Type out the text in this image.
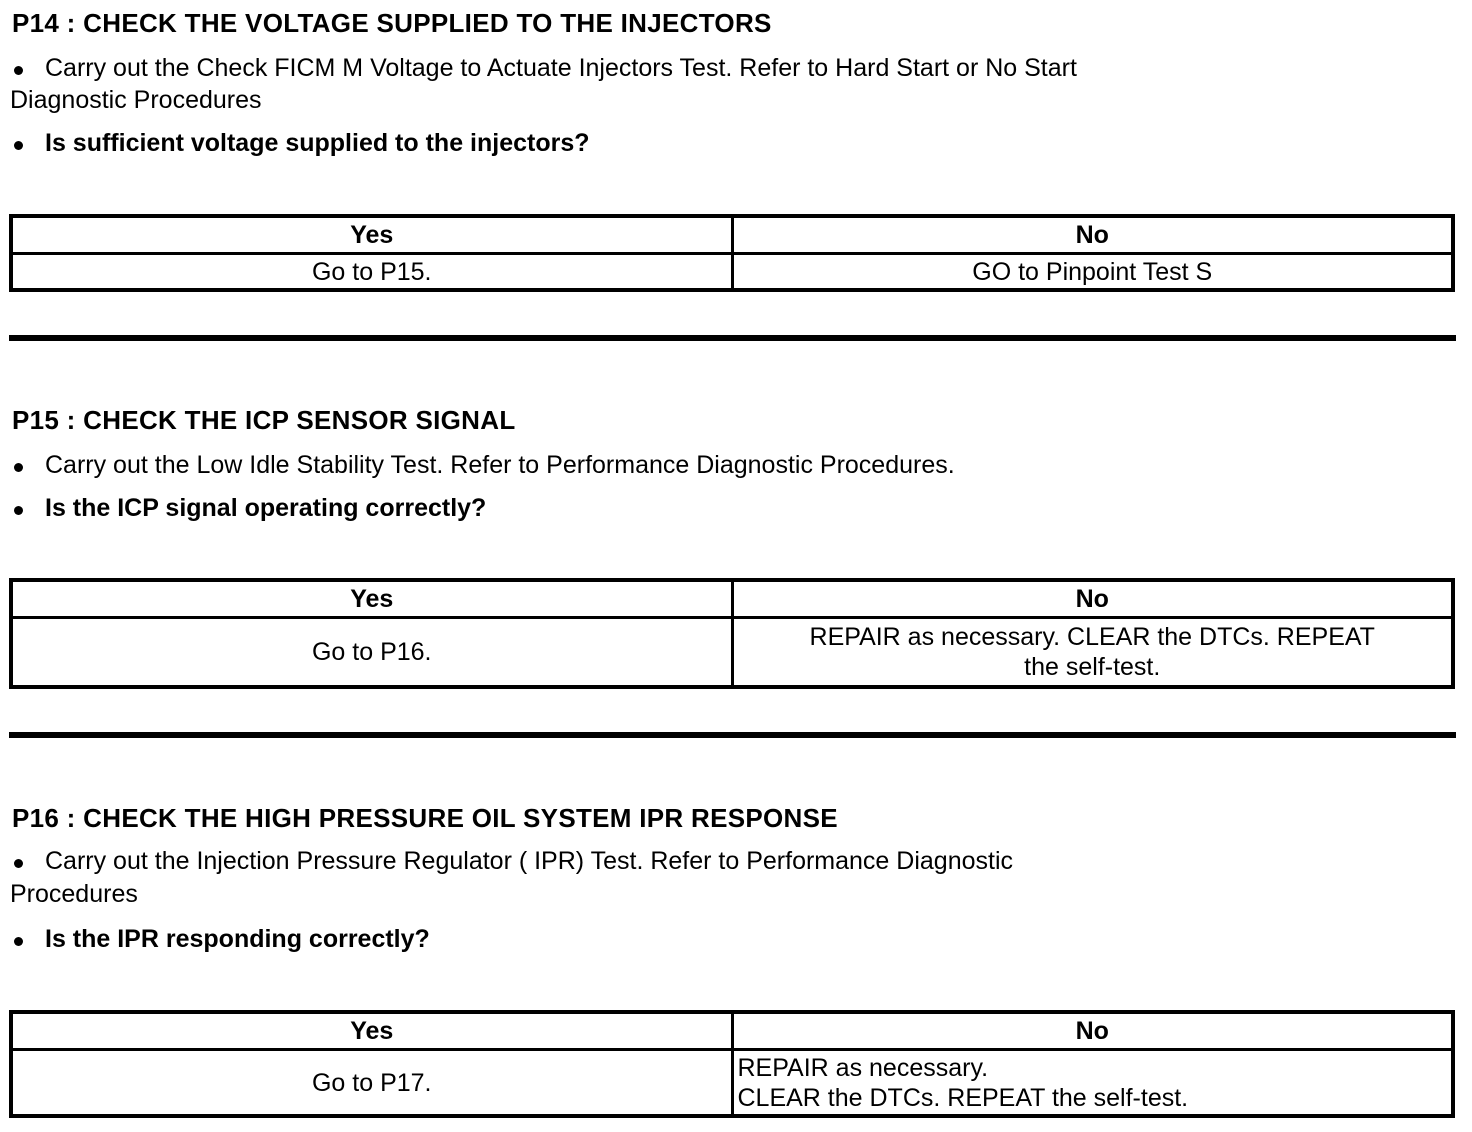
P14 : CHECK THE VOLTAGE SUPPLIED TO THE INJECTORS
Carry out the Check FICM M Voltage to Actuate Injectors Test. Refer to Hard Start or No Start
Diagnostic Procedures
Is sufficient voltage supplied to the injectors?
Yes	No
Go to P15.	GO to Pinpoint Test S
P15 : CHECK THE ICP SENSOR SIGNAL
Carry out the Low Idle Stability Test. Refer to Performance Diagnostic Procedures.
Is the ICP signal operating correctly?
Yes	No
Go to P16.	REPAIR as necessary. CLEAR the DTCs. REPEAT
the self-test.
P16 : CHECK THE HIGH PRESSURE OIL SYSTEM IPR RESPONSE
Carry out the Injection Pressure Regulator ( IPR) Test. Refer to Performance Diagnostic
Procedures
Is the IPR responding correctly?
Yes	No
Go to P17.	REPAIR as necessary.
CLEAR the DTCs. REPEAT the self-test.
